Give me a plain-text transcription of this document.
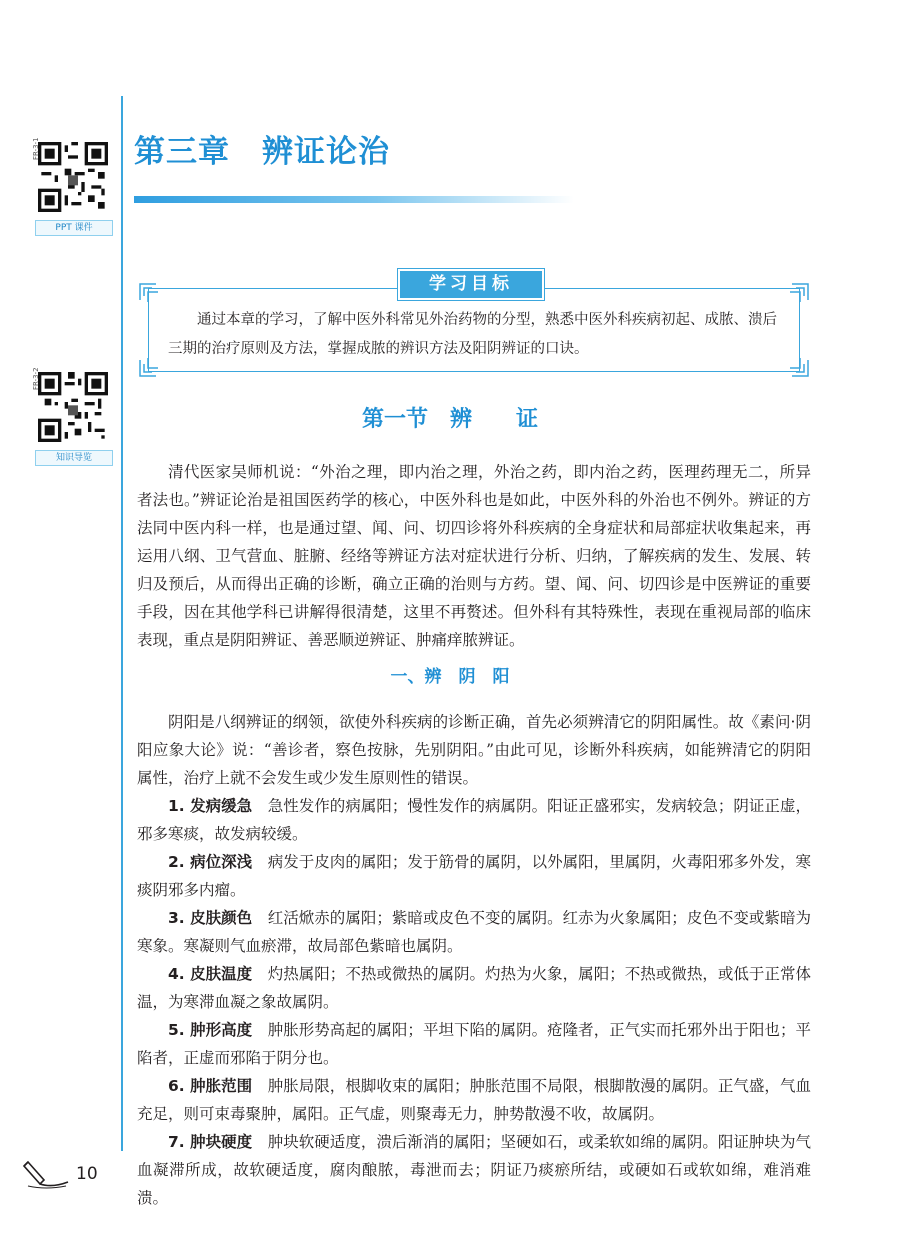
FR-3-1
PPT 课件
FR-3-2
知识导览
第三章　辨证论治
学习目标
通过本章的学习，了解中医外科常见外治药物的分型，熟悉中医外科疾病初起、成脓、溃后三期的治疗原则及方法，掌握成脓的辨识方法及阳阴辨证的口诀。
第一节　辨　　证

清代医家吴师机说：“外治之理，即内治之理，外治之药，即内治之药，医理药理无二，所异者法也。”辨证论治是祖国医药学的核心，中医外科也是如此，中医外科的外治也不例外。辨证的方法同中医内科一样，也是通过望、闻、问、切四诊将外科疾病的全身症状和局部症状收集起来，再运用八纲、卫气营血、脏腑、经络等辨证方法对症状进行分析、归纳，了解疾病的发生、发展、转归及预后，从而得出正确的诊断，确立正确的治则与方药。望、闻、问、切四诊是中医辨证的重要手段，因在其他学科已讲解得很清楚，这里不再赘述。但外科有其特殊性，表现在重视局部的临床表现，重点是阴阳辨证、善恶顺逆辨证、肿痛痒脓辨证。

一、辨　阴　阳

阴阳是八纲辨证的纲领，欲使外科疾病的诊断正确，首先必须辨清它的阴阳属性。故《素问·阴阳应象大论》说：“善诊者，察色按脉，先别阴阳。”由此可见，诊断外科疾病，如能辨清它的阴阳属性，治疗上就不会发生或少发生原则性的错误。

1. 发病缓急　 急性发作的病属阳；慢性发作的病属阴。阳证正盛邪实，发病较急；阴证正虚，邪多寒痰，故发病较缓。

2. 病位深浅　 病发于皮肉的属阳；发于筋骨的属阴，以外属阳，里属阴，火毒阳邪多外发，寒痰阴邪多内瘤。

3. 皮肤颜色　 红活焮赤的属阳；紫暗或皮色不变的属阴。红赤为火象属阳；皮色不变或紫暗为寒象。寒凝则气血瘀滞，故局部色紫暗也属阴。

4. 皮肤温度　 灼热属阳；不热或微热的属阴。灼热为火象，属阳；不热或微热，或低于正常体温，为寒滞血凝之象故属阴。

5. 肿形高度　 肿胀形势高起的属阳；平坦下陷的属阴。疮隆者，正气实而托邪外出于阳也；平陷者，正虚而邪陷于阴分也。

6. 肿胀范围　 肿胀局限，根脚收束的属阳；肿胀范围不局限，根脚散漫的属阴。正气盛，气血充足，则可束毒聚肿，属阳。正气虚，则聚毒无力，肿势散漫不收，故属阴。

7. 肿块硬度　 肿块软硬适度，溃后渐消的属阳；坚硬如石，或柔软如绵的属阴。阳证肿块为气血凝滞所成，故软硬适度，腐肉酿脓，毒泄而去；阴证乃痰瘀所结，或硬如石或软如绵，难消难溃。

10
